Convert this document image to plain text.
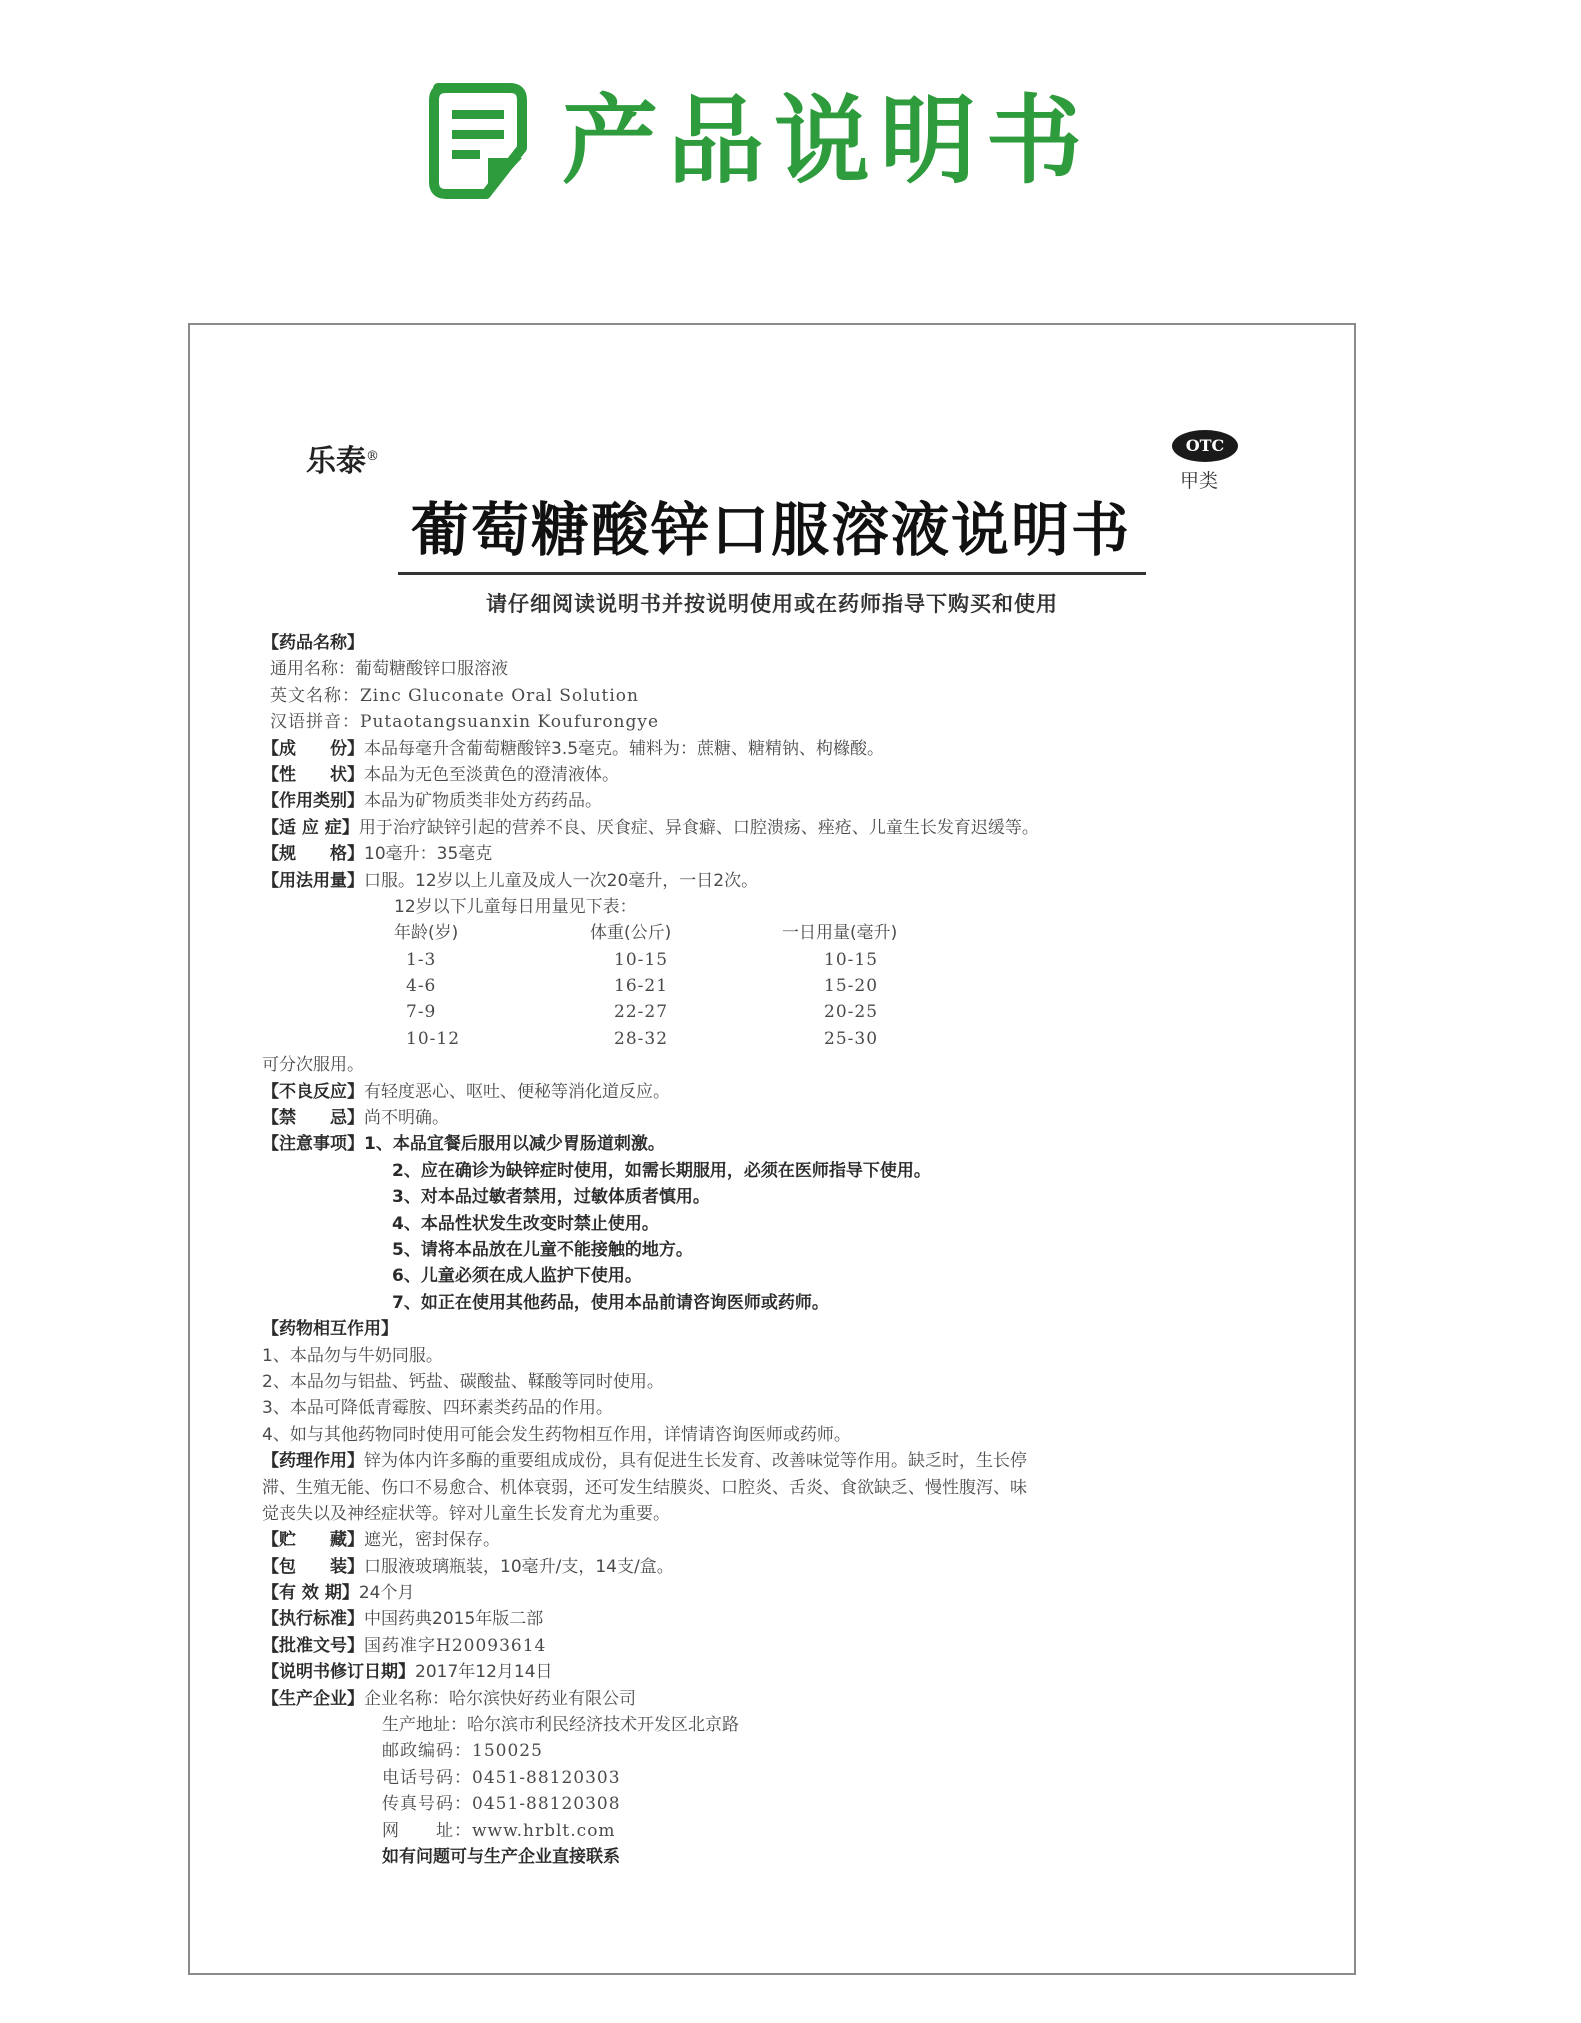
产品说明书
乐泰®
OTC
甲类
葡萄糖酸锌口服溶液说明书
请仔细阅读说明书并按说明使用或在药师指导下购买和使用
【药品名称】
通用名称：葡萄糖酸锌口服溶液
英文名称：Zinc Gluconate Oral Solution
汉语拼音：Putaotangsuanxin Koufurongye
【成　　份】本品每毫升含葡萄糖酸锌3.5毫克。辅料为：蔗糖、糖精钠、枸橼酸。
【性　　状】本品为无色至淡黄色的澄清液体。
【作用类别】本品为矿物质类非处方药药品。
【适 应 症】用于治疗缺锌引起的营养不良、厌食症、异食癖、口腔溃疡、痤疮、儿童生长发育迟缓等。
【规　　格】10毫升：35毫克
【用法用量】口服。12岁以上儿童及成人一次20毫升，一日2次。
12岁以下儿童每日用量见下表：
年龄(岁)	体重(公斤)	一日用量(毫升)
1-3	10-15	10-15
4-6	16-21	15-20
7-9	22-27	20-25
10-12	28-32	25-30
可分次服用。
【不良反应】有轻度恶心、呕吐、便秘等消化道反应。
【禁　　忌】尚不明确。
【注意事项】1、本品宜餐后服用以减少胃肠道刺激。
2、应在确诊为缺锌症时使用，如需长期服用，必须在医师指导下使用。
3、对本品过敏者禁用，过敏体质者慎用。
4、本品性状发生改变时禁止使用。
5、请将本品放在儿童不能接触的地方。
6、儿童必须在成人监护下使用。
7、如正在使用其他药品，使用本品前请咨询医师或药师。
【药物相互作用】
1、本品勿与牛奶同服。
2、本品勿与铝盐、钙盐、碳酸盐、鞣酸等同时使用。
3、本品可降低青霉胺、四环素类药品的作用。
4、如与其他药物同时使用可能会发生药物相互作用，详情请咨询医师或药师。
【药理作用】锌为体内许多酶的重要组成成份，具有促进生长发育、改善味觉等作用。缺乏时，生长停
滞、生殖无能、伤口不易愈合、机体衰弱，还可发生结膜炎、口腔炎、舌炎、食欲缺乏、慢性腹泻、味
觉丧失以及神经症状等。锌对儿童生长发育尤为重要。
【贮　　藏】遮光，密封保存。
【包　　装】口服液玻璃瓶装，10毫升/支，14支/盒。
【有 效 期】24个月
【执行标准】中国药典2015年版二部
【批准文号】国药准字H20093614
【说明书修订日期】2017年12月14日
【生产企业】企业名称：哈尔滨快好药业有限公司
生产地址：哈尔滨市利民经济技术开发区北京路
邮政编码：150025
电话号码：0451-88120303
传真号码：0451-88120308
网　　址：www.hrblt.com
如有问题可与生产企业直接联系
